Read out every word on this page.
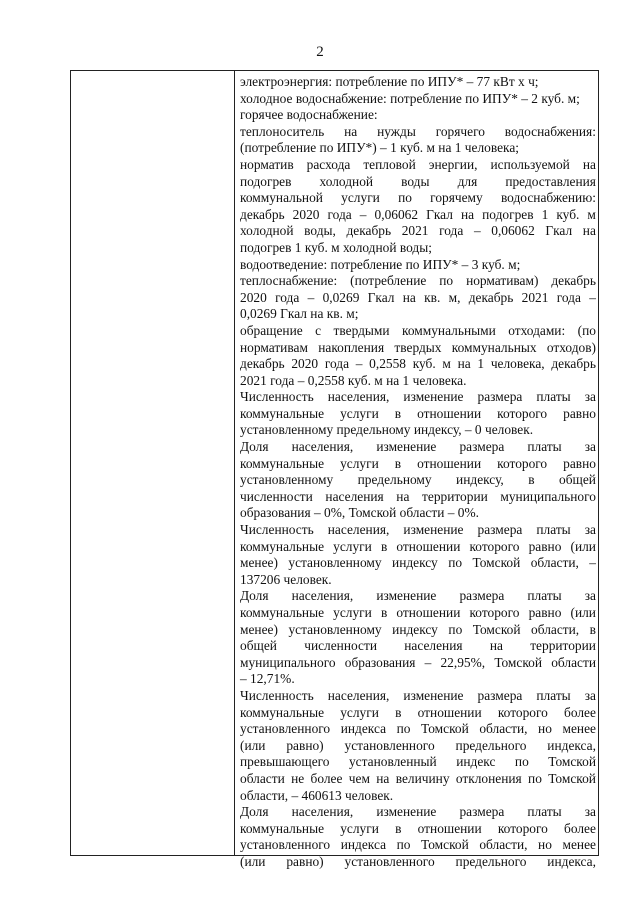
2
электроэнергия: потребление по ИПУ* – 77 кВт x ч;
холодное водоснабжение: потребление по ИПУ* – 2 куб. м;
горячее водоснабжение:
теплоноситель на нужды горячего водоснабжения:
(потребление по ИПУ*) – 1 куб. м на 1 человека;
норматив расхода тепловой энергии, используемой на
подогрев холодной воды для предоставления
коммунальной услуги по горячему водоснабжению:
декабрь 2020 года – 0,06062 Гкал на подогрев 1 куб. м
холодной воды, декабрь 2021 года – 0,06062 Гкал на
подогрев 1 куб. м холодной воды;
водоотведение: потребление по ИПУ* – 3 куб. м;
теплоснабжение: (потребление по нормативам) декабрь
2020 года – 0,0269 Гкал на кв. м, декабрь 2021 года –
0,0269 Гкал на кв. м;
обращение с твердыми коммунальными отходами: (по
нормативам накопления твердых коммунальных отходов)
декабрь 2020 года – 0,2558 куб. м на 1 человека, декабрь
2021 года – 0,2558 куб. м на 1 человека.
Численность населения, изменение размера платы за
коммунальные услуги в отношении которого равно
установленному предельному индексу, – 0 человек.
Доля населения, изменение размера платы за
коммунальные услуги в отношении которого равно
установленному предельному индексу, в общей
численности населения на территории муниципального
образования – 0%, Томской области – 0%.
Численность населения, изменение размера платы за
коммунальные услуги в отношении которого равно (или
менее) установленному индексу по Томской области, –
137206 человек.
Доля населения, изменение размера платы за
коммунальные услуги в отношении которого равно (или
менее) установленному индексу по Томской области, в
общей численности населения на территории
муниципального образования – 22,95%, Томской области
– 12,71%.
Численность населения, изменение размера платы за
коммунальные услуги в отношении которого более
установленного индекса по Томской области, но менее
(или равно) установленного предельного индекса,
превышающего установленный индекс по Томской
области не более чем на величину отклонения по Томской
области, – 460613 человек.
Доля населения, изменение размера платы за
коммунальные услуги в отношении которого более
установленного индекса по Томской области, но менее
(или равно) установленного предельного индекса,
